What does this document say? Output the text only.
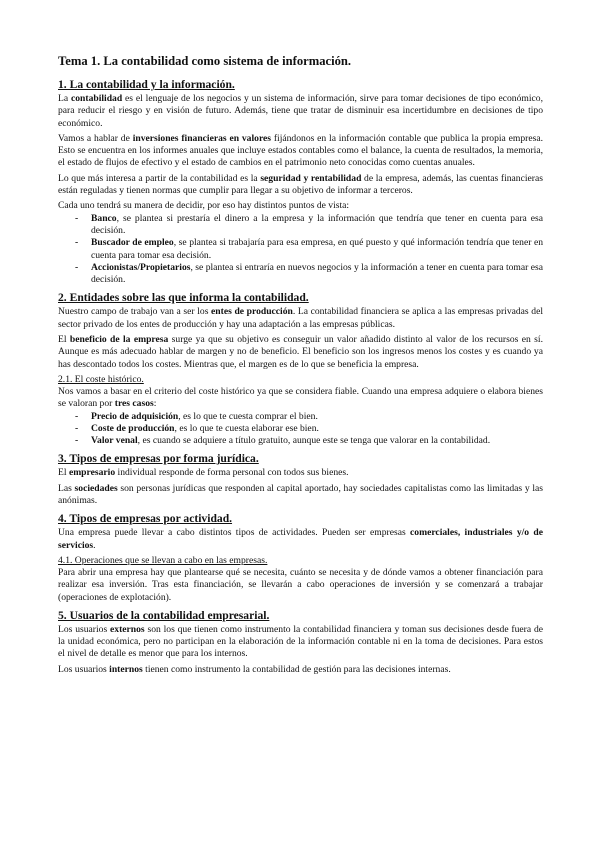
Tema 1. La contabilidad como sistema de información.
1. La contabilidad y la información.

La contabilidad es el lenguaje de los negocios y un sistema de información, sirve para tomar decisiones de tipo económico, para reducir el riesgo y en visión de futuro. Además, tiene que tratar de disminuir esa incertidumbre en decisiones de tipo económico.

Vamos a hablar de inversiones financieras en valores fijándonos en la información contable que publica la propia empresa. Esto se encuentra en los informes anuales que incluye estados contables como el balance, la cuenta de resultados, la memoria, el estado de flujos de efectivo y el estado de cambios en el patrimonio neto conocidas como cuentas anuales.

Lo que más interesa a partir de la contabilidad es la seguridad y rentabilidad de la empresa, además, las cuentas financieras están reguladas y tienen normas que cumplir para llegar a su objetivo de informar a terceros.

Cada uno tendrá su manera de decidir, por eso hay distintos puntos de vista:

- Banco, se plantea si prestaría el dinero a la empresa y la información que tendría que tener en cuenta para esa decisión.
- Buscador de empleo, se plantea si trabajaría para esa empresa, en qué puesto y qué información tendría que tener en cuenta para tomar esa decisión.
- Accionistas/Propietarios, se plantea si entraría en nuevos negocios y la información a tener en cuenta para tomar esa decisión.
2. Entidades sobre las que informa la contabilidad.

Nuestro campo de trabajo van a ser los entes de producción. La contabilidad financiera se aplica a las empresas privadas del sector privado de los entes de producción y hay una adaptación a las empresas públicas.

El beneficio de la empresa surge ya que su objetivo es conseguir un valor añadido distinto al valor de los recursos en sí. Aunque es más adecuado hablar de margen y no de beneficio. El beneficio son los ingresos menos los costes y es cuando ya has descontado todos los costes. Mientras que, el margen es de lo que se beneficia la empresa.

2.1. El coste histórico.

Nos vamos a basar en el criterio del coste histórico ya que se considera fiable. Cuando una empresa adquiere o elabora bienes se valoran por tres casos:

- Precio de adquisición, es lo que te cuesta comprar el bien.
- Coste de producción, es lo que te cuesta elaborar ese bien.
- Valor venal, es cuando se adquiere a título gratuito, aunque este se tenga que valorar en la contabilidad.
3. Tipos de empresas por forma jurídica.

El empresario individual responde de forma personal con todos sus bienes.

Las sociedades son personas jurídicas que responden al capital aportado, hay sociedades capitalistas como las limitadas y las anónimas.

4. Tipos de empresas por actividad.

Una empresa puede llevar a cabo distintos tipos de actividades. Pueden ser empresas comerciales, industriales y/o de servicios.

4.1. Operaciones que se llevan a cabo en las empresas.

Para abrir una empresa hay que plantearse qué se necesita, cuánto se necesita y de dónde vamos a obtener financiación para realizar esa inversión. Tras esta financiación, se llevarán a cabo operaciones de inversión y se comenzará a trabajar (operaciones de explotación).

5. Usuarios de la contabilidad empresarial.

Los usuarios externos son los que tienen como instrumento la contabilidad financiera y toman sus decisiones desde fuera de la unidad económica, pero no participan en la elaboración de la información contable ni en la toma de decisiones. Para estos el nivel de detalle es menor que para los internos.

Los usuarios internos tienen como instrumento la contabilidad de gestión para las decisiones internas.
